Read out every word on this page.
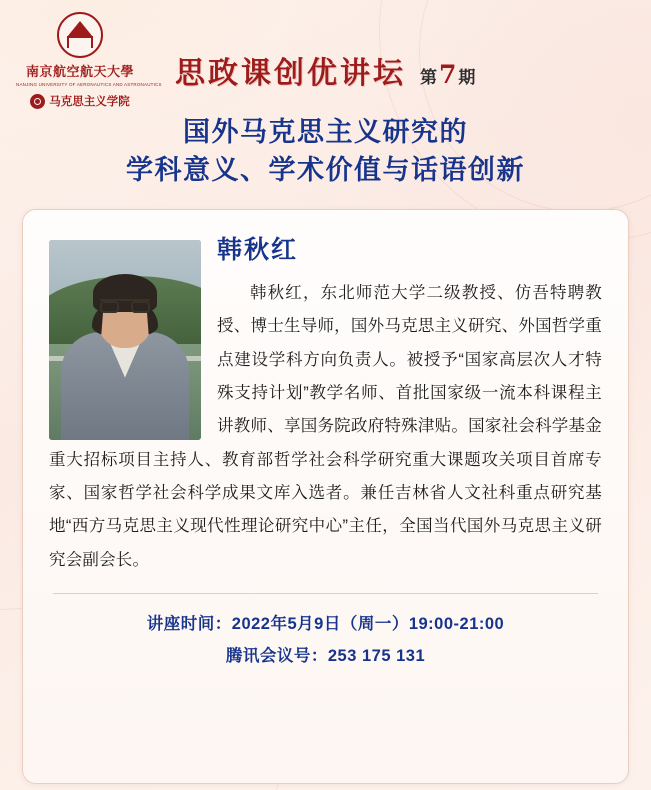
南京航空航天大學
NANJING UNIVERSITY OF AERONAUTICS AND ASTRONAUTICS
马克思主义学院
思政课创优讲坛 第7 期
国外马克思主义研究的
学科意义、学术价值与话语创新
韩秋红
韩秋红，东北师范大学二级教授、仿吾特聘教授、博士生导师，国外马克思主义研究、外国哲学重点建设学科方向负责人。被授予“国家高层次人才特殊支持计划”教学名师、首批国家级一流本科课程主讲教师、享国务院政府特殊津贴。国家社会科学基金重大招标项目主持人、教育部哲学社会科学研究重大课题攻关项目首席专家、国家哲学社会科学成果文库入选者。兼任吉林省人文社科重点研究基地“西方马克思主义现代性理论研究中心”主任，全国当代国外马克思主义研究会副会长。
讲座时间：2022年5月9日（周一）19:00-21:00
腾讯会议号：253 175 131
